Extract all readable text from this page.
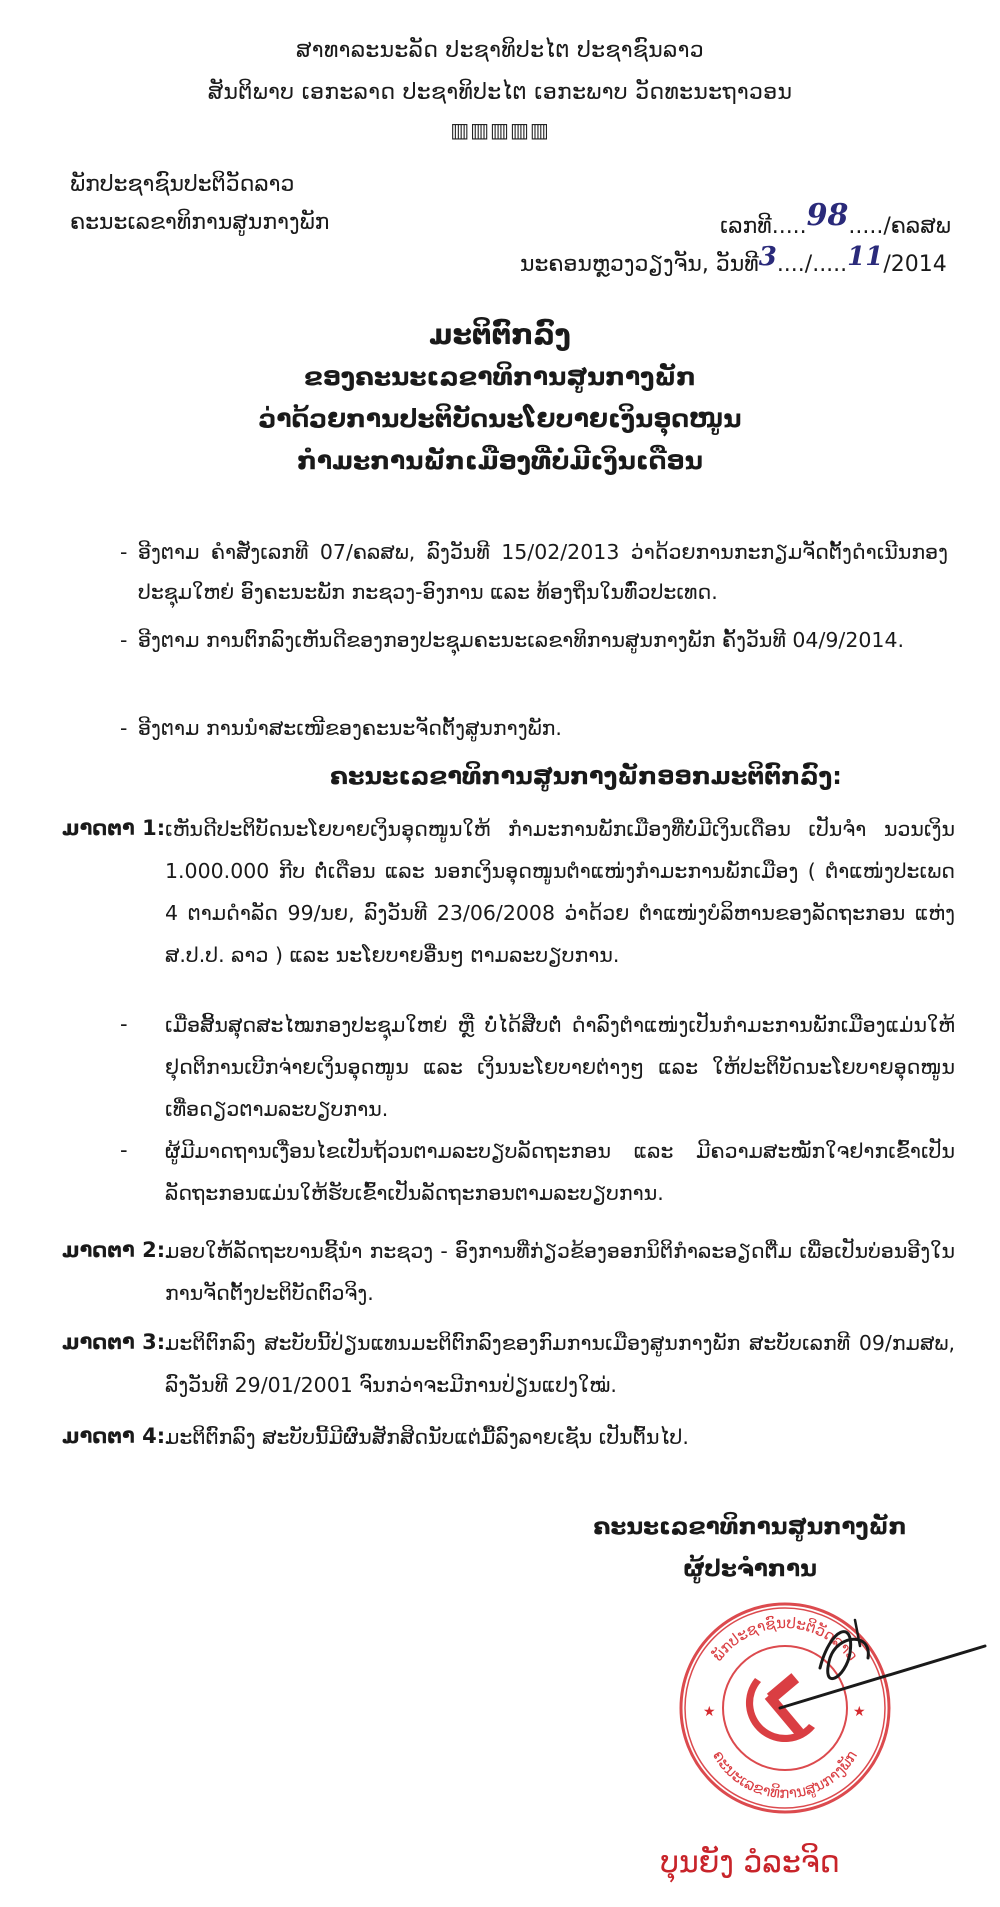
ສາທາລະນະລັດ ປະຊາທິປະໄຕ ປະຊາຊົນລາວ
ສັນຕິພາບ ເອກະລາດ ປະຊາທິປະໄຕ ເອກະພາບ ວັດທະນະຖາວອນ
▥▥▥▥▥
ພັກປະຊາຊົນປະຕິວັດລາວ
ຄະນະເລຂາທິການສູນກາງພັກ	ເລກທີ.....98...../ຄລສພ
ນະຄອນຫຼວງວຽງຈັນ, ວັນທີ3..../.....11/2014
ມະຕິຕົກລົງ
ຂອງຄະນະເລຂາທິການສູນກາງພັກ
ວ່າດ້ວຍການປະຕິບັດນະໂຍບາຍເງິນອຸດໜູນ
ກຳມະການພັກເມືອງທີ່ບໍ່ມີເງິນເດືອນ
- ອີງຕາມ ຄຳສັ່ງເລກທີ 07/ຄລສພ, ລົງວັນທີ 15/02/2013 ວ່າດ້ວຍການກະກຽມຈັດຕັ້ງດຳເນີນກອງປະຊຸມໃຫຍ່ ອົງຄະນະພັກ ກະຊວງ-ອົງການ ແລະ ທ້ອງຖິ່ນໃນທົ່ວປະເທດ.
- ອີງຕາມ ການຕົກລົງເຫັນດີຂອງກອງປະຊຸມຄະນະເລຂາທິການສູນກາງພັກ ຄັ້ງວັນທີ 04/9/2014.
- ອີງຕາມ ການນຳສະເໜີຂອງຄະນະຈັດຕັ້ງສູນກາງພັກ.
ຄະນະເລຂາທິການສູນກາງພັກອອກມະຕິຕົກລົງ:
ມາດຕາ 1: ເຫັນດີປະຕິບັດນະໂຍບາຍເງິນອຸດໜູນໃຫ້ ກຳມະການພັກເມືອງທີ່ບໍ່ມີເງິນເດືອນ ເປັນຈຳ ນວນເງິນ 1.000.000 ກີບ ຕໍ່ເດືອນ ແລະ ນອກເງິນອຸດໜູນຕຳແໜ່ງກຳມະການພັກເມືອງ ( ຕຳແໜ່ງປະເພດ 4 ຕາມດຳລັດ 99/ນຍ, ລົງວັນທີ 23/06/2008 ວ່າດ້ວຍ ຕຳແໜ່ງບໍລິຫານຂອງລັດຖະກອນ ແຫ່ງ ສ.ປ.ປ. ລາວ ) ແລະ ນະໂຍບາຍອື່ນໆ ຕາມລະບຽບການ.
- ເມື່ອສິ້ນສຸດສະໄໝກອງປະຊຸມໃຫຍ່ ຫຼື ບໍ່ໄດ້ສືບຕໍ່ ດຳລົງຕຳແໜ່ງເປັນກຳມະການພັກເມືອງແມ່ນໃຫ້ຢຸດຕິການເບີກຈ່າຍເງິນອຸດໜູນ ແລະ ເງິນນະໂຍບາຍຕ່າງໆ ແລະ ໃຫ້ປະຕິບັດນະໂຍບາຍອຸດໜູນເທື່ອດຽວຕາມລະບຽບການ.
- ຜູ້ມີມາດຖານເງື່ອນໄຂເປັນຖ້ວນຕາມລະບຽບລັດຖະກອນ ແລະ ມີຄວາມສະໝັກໃຈຢາກເຂົ້າເປັນລັດຖະກອນແມ່ນໃຫ້ຮັບເຂົ້າເປັນລັດຖະກອນຕາມລະບຽບການ.
ມາດຕາ 2: ມອບໃຫ້ລັດຖະບານຊີ້ນຳ ກະຊວງ - ອົງການທີ່ກ່ຽວຂ້ອງອອກນິຕິກຳລະອຽດຕື່ມ ເພື່ອເປັນບ່ອນອີງໃນການຈັດຕັ້ງປະຕິບັດຕົວຈິງ.
ມາດຕາ 3: ມະຕິຕົກລົງ ສະບັບນີ້ປ່ຽນແທນມະຕິຕົກລົງຂອງກົມການເມືອງສູນກາງພັກ ສະບັບເລກທີ 09/ກມສພ, ລົງວັນທີ 29/01/2001 ຈົນກວ່າຈະມີການປ່ຽນແປງໃໝ່.
ມາດຕາ 4: ມະຕິຕົກລົງ ສະບັບນີ້ມີຜົນສັກສິດນັບແຕ່ມື້ລົງລາຍເຊັນ ເປັນຕົ້ນໄປ.
ຄະນະເລຂາທິການສູນກາງພັກ
ຜູ້ປະຈຳການ
ພັກປະຊາຊົນປະຕິວັດລາວ
ຄະນະເລຂາທິການສູນກາງພັກ
★	★
ບຸນຍັງ ວໍລະຈິດ
